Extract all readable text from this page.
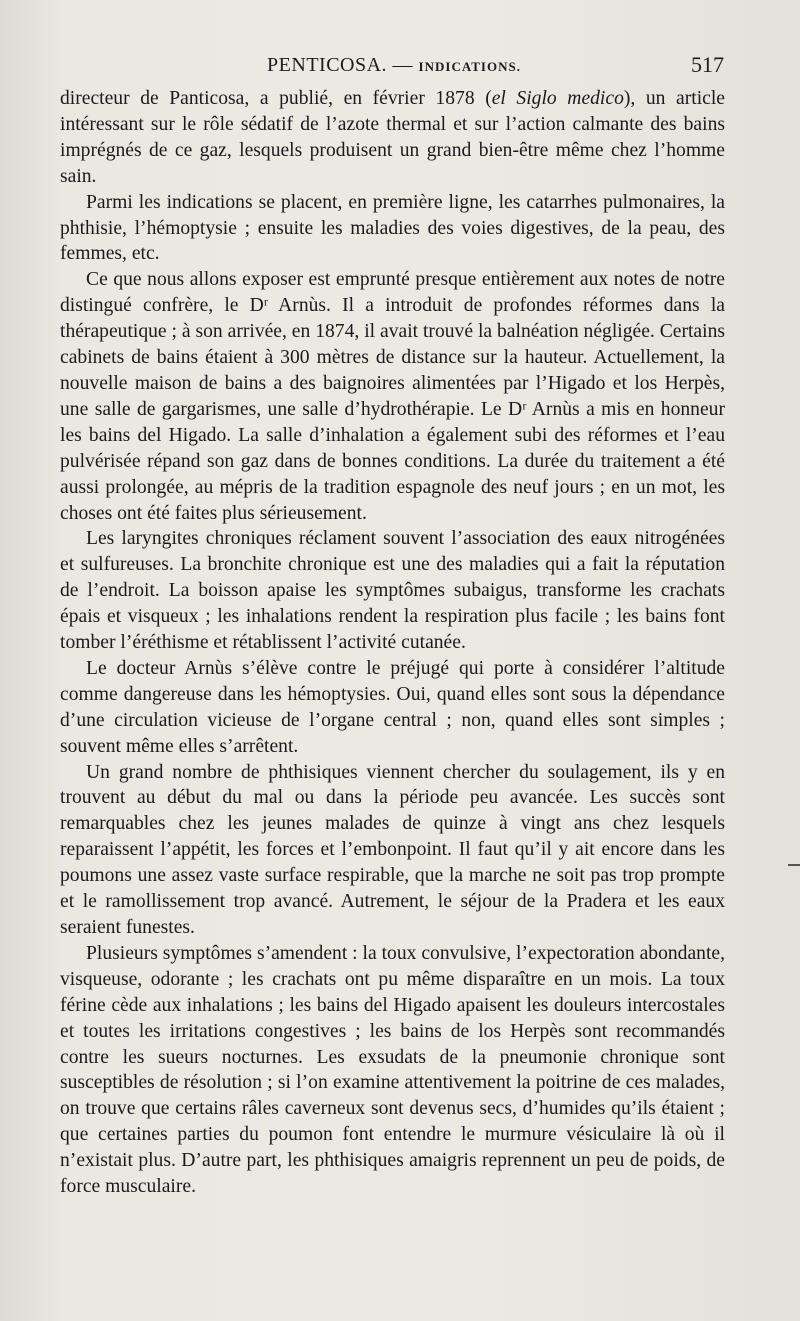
PENTICOSA. — INDICATIONS.	517

directeur de Panticosa, a publié, en février 1878 (el Siglo medico), un article intéressant sur le rôle sédatif de l’azote thermal et sur l’action calmante des bains imprégnés de ce gaz, lesquels produisent un grand bien-être même chez l’homme sain.

Parmi les indications se placent, en première ligne, les catarrhes pulmonaires, la phthisie, l’hémoptysie ; ensuite les maladies des voies digestives, de la peau, des femmes, etc.

Ce que nous allons exposer est emprunté presque entièrement aux notes de notre distingué confrère, le Dʳ Arnùs. Il a introduit de profondes réformes dans la thérapeutique ; à son arrivée, en 1874, il avait trouvé la balnéation négligée. Certains cabinets de bains étaient à 300 mètres de distance sur la hauteur. Actuellement, la nouvelle maison de bains a des baignoires alimentées par l’Higado et los Herpès, une salle de gargarismes, une salle d’hydrothérapie. Le Dʳ Arnùs a mis en honneur les bains del Higado. La salle d’inhalation a également subi des réformes et l’eau pulvérisée répand son gaz dans de bonnes conditions. La durée du traitement a été aussi prolongée, au mépris de la tradition espagnole des neuf jours ; en un mot, les choses ont été faites plus sérieusement.

Les laryngites chroniques réclament souvent l’association des eaux nitrogénées et sulfureuses. La bronchite chronique est une des maladies qui a fait la réputation de l’endroit. La boisson apaise les symptômes subaigus, transforme les crachats épais et visqueux ; les inhalations rendent la respiration plus facile ; les bains font tomber l’éréthisme et rétablissent l’activité cutanée.

Le docteur Arnùs s’élève contre le préjugé qui porte à considérer l’altitude comme dangereuse dans les hémoptysies. Oui, quand elles sont sous la dépendance d’une circulation vicieuse de l’organe central ; non, quand elles sont simples ; souvent même elles s’arrêtent.

Un grand nombre de phthisiques viennent chercher du soulagement, ils y en trouvent au début du mal ou dans la période peu avancée. Les succès sont remarquables chez les jeunes malades de quinze à vingt ans chez lesquels reparaissent l’appétit, les forces et l’embonpoint. Il faut qu’il y ait encore dans les poumons une assez vaste surface respirable, que la marche ne soit pas trop prompte et le ramollissement trop avancé. Autrement, le séjour de la Pradera et les eaux seraient funestes.

Plusieurs symptômes s’amendent : la toux convulsive, l’expectoration abondante, visqueuse, odorante ; les crachats ont pu même disparaître en un mois. La toux férine cède aux inhalations ; les bains del Higado apaisent les douleurs intercostales et toutes les irritations congestives ; les bains de los Herpès sont recommandés contre les sueurs nocturnes. Les exsudats de la pneumonie chronique sont susceptibles de résolution ; si l’on examine attentivement la poitrine de ces malades, on trouve que certains râles caverneux sont devenus secs, d’humides qu’ils étaient ; que certaines parties du poumon font entendre le murmure vésiculaire là où il n’existait plus. D’autre part, les phthisiques amaigris reprennent un peu de poids, de force musculaire.
